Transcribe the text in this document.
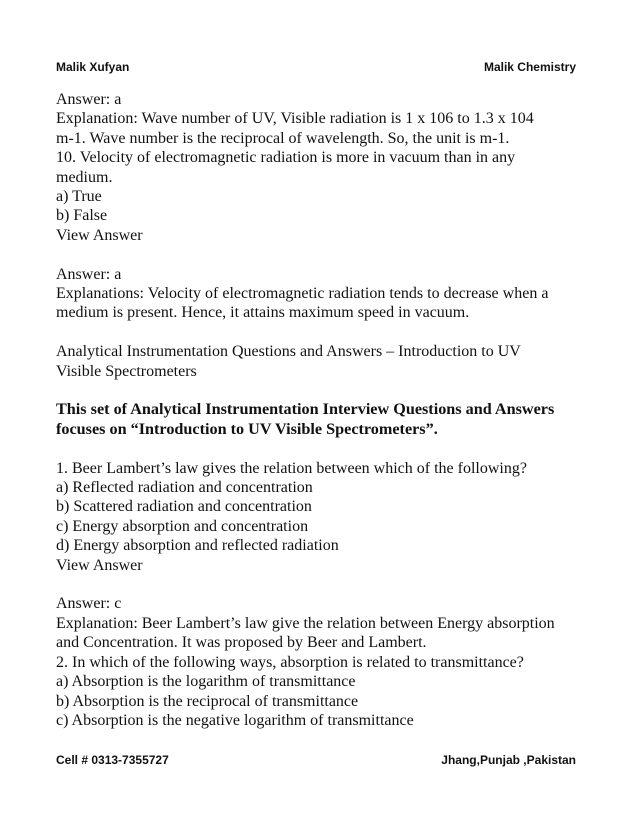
Malik Xufyan	Malik Chemistry
Answer: a
Explanation: Wave number of UV, Visible radiation is 1 x 106 to 1.3 x 104
m-1. Wave number is the reciprocal of wavelength. So, the unit is m-1.
10. Velocity of electromagnetic radiation is more in vacuum than in any
medium.
a) True
b) False
View Answer
Answer: a
Explanations: Velocity of electromagnetic radiation tends to decrease when a
medium is present. Hence, it attains maximum speed in vacuum.
Analytical Instrumentation Questions and Answers – Introduction to UV
Visible Spectrometers
This set of Analytical Instrumentation Interview Questions and Answers
focuses on “Introduction to UV Visible Spectrometers”.
1. Beer Lambert’s law gives the relation between which of the following?
a) Reflected radiation and concentration
b) Scattered radiation and concentration
c) Energy absorption and concentration
d) Energy absorption and reflected radiation
View Answer
Answer: c
Explanation: Beer Lambert’s law give the relation between Energy absorption
and Concentration. It was proposed by Beer and Lambert.
2. In which of the following ways, absorption is related to transmittance?
a) Absorption is the logarithm of transmittance
b) Absorption is the reciprocal of transmittance
c) Absorption is the negative logarithm of transmittance
Cell # 0313-7355727	Jhang,Punjab ,Pakistan
